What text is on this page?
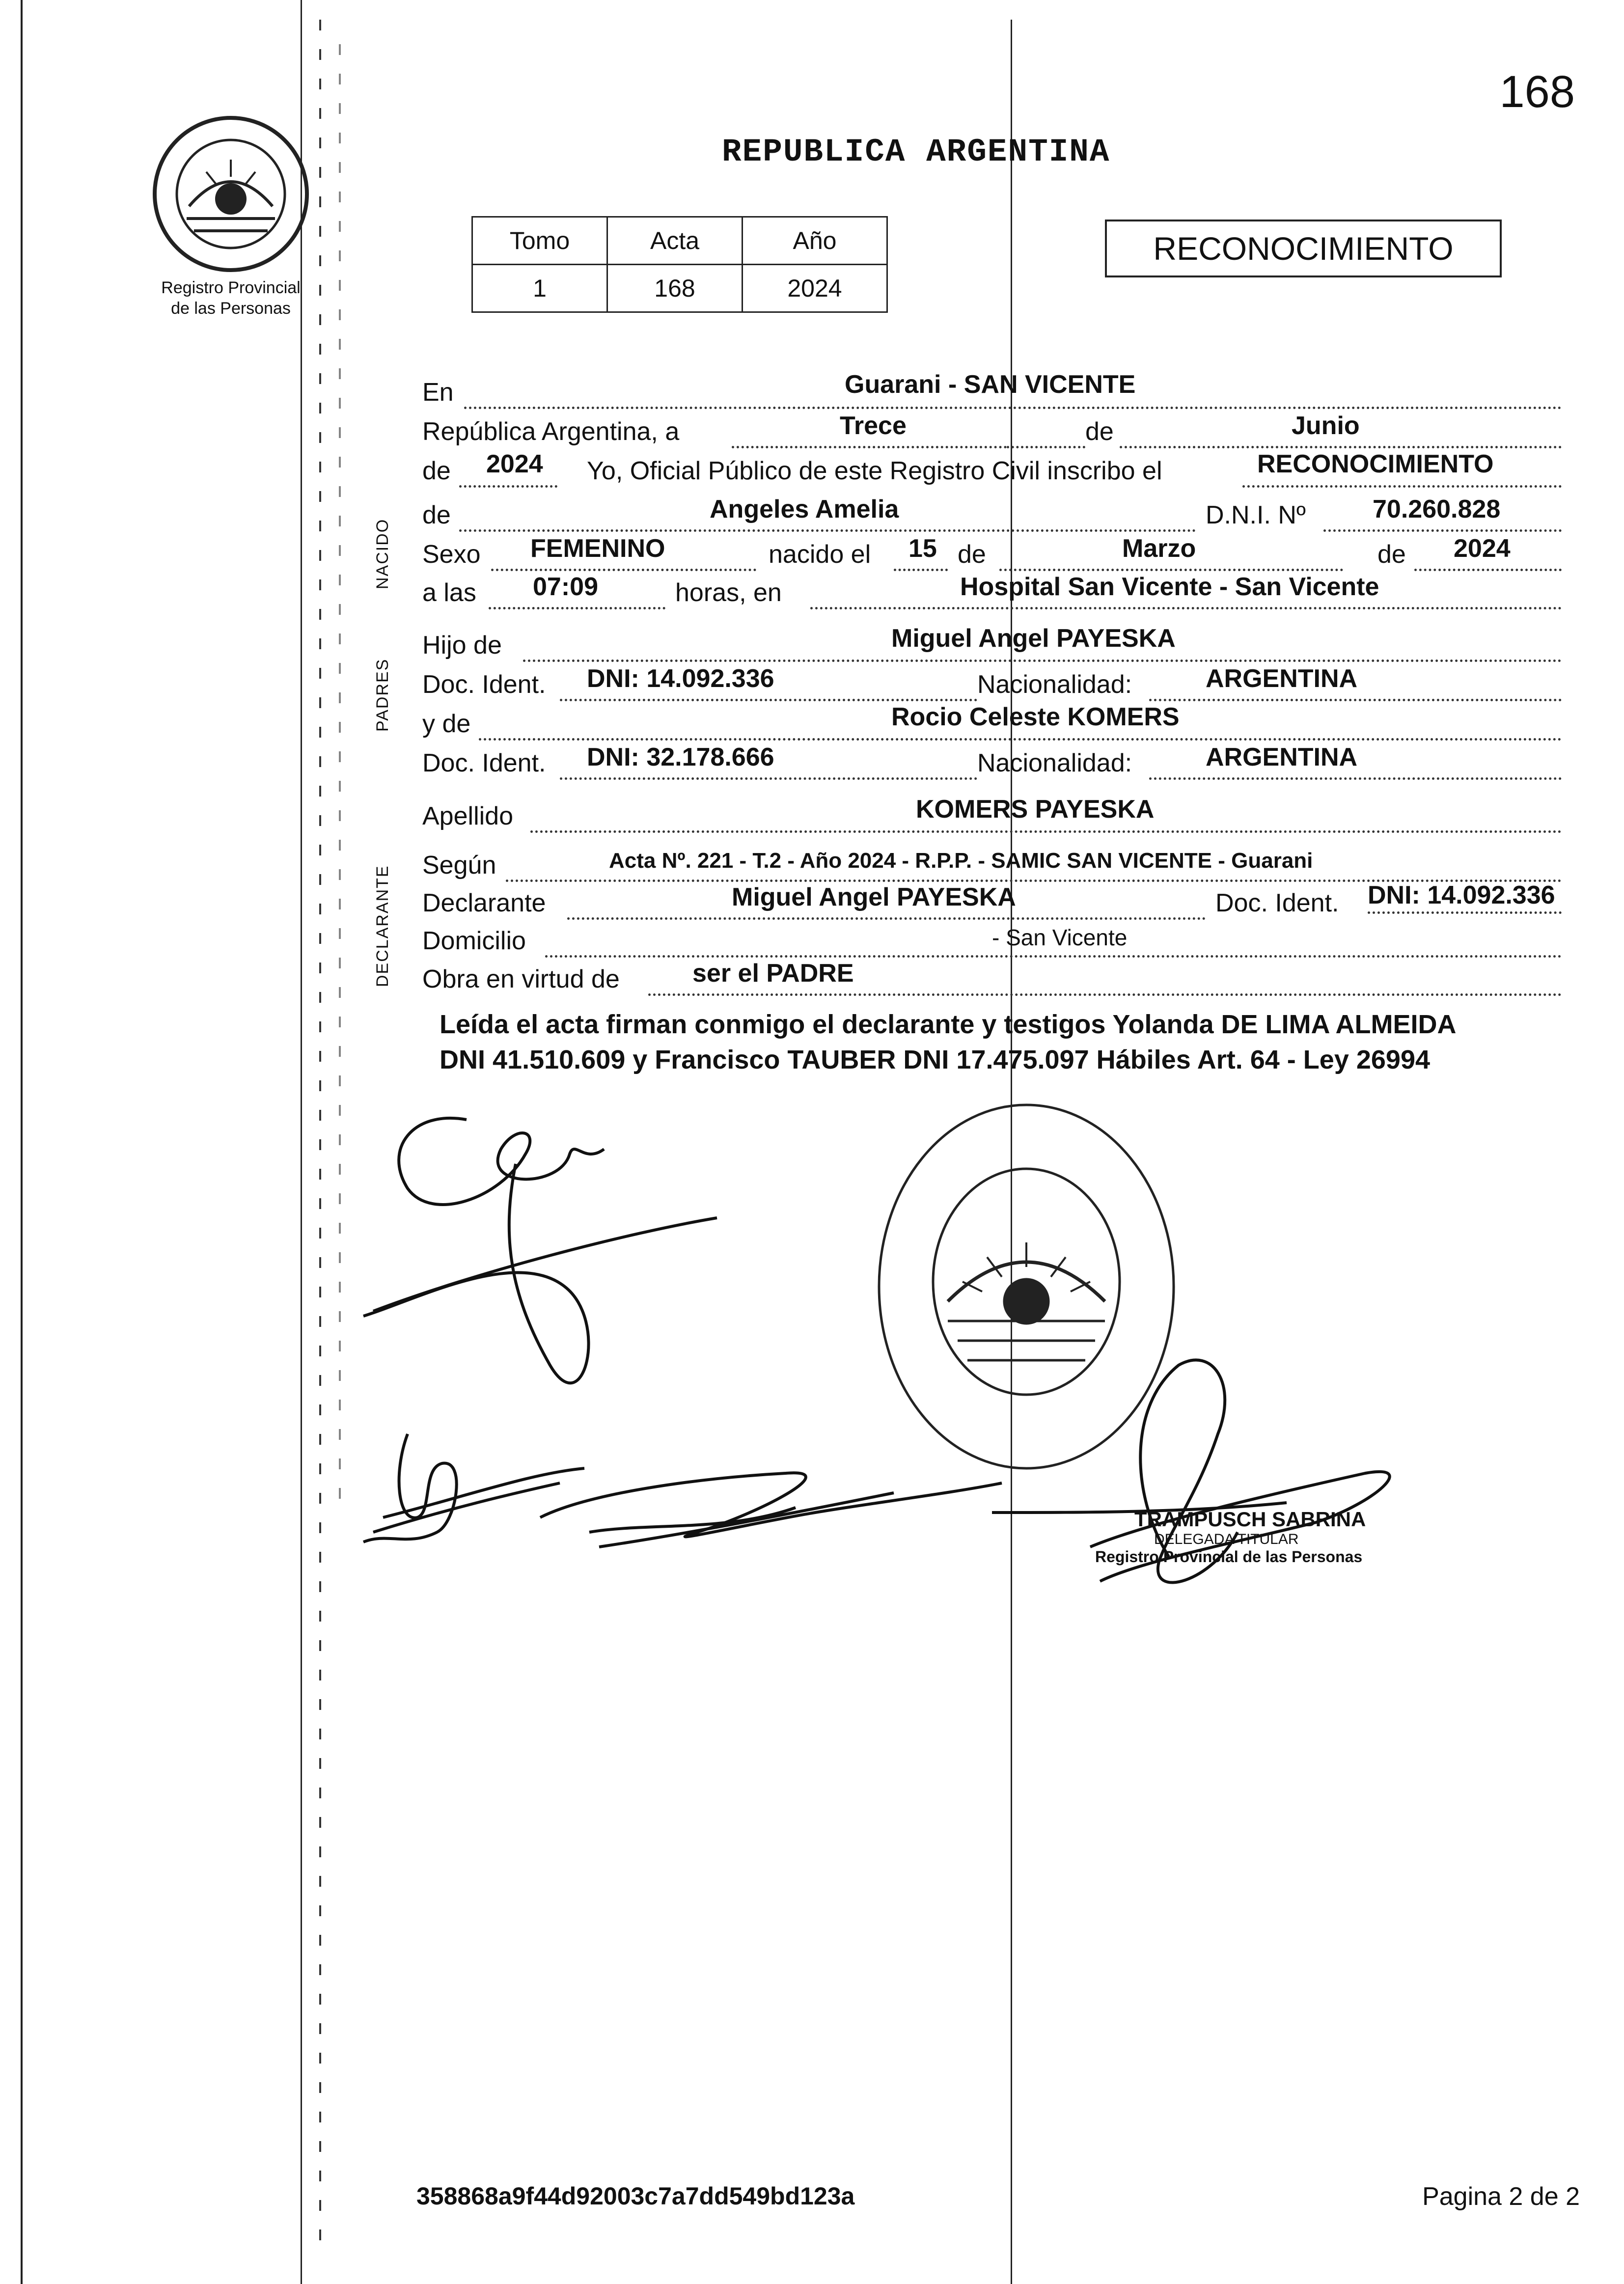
168
REPUBLICA ARGENTINA
Registro Provincial
de las Personas
Tomo	Acta	Año
1	168	2024
RECONOCIMIENTO
NACIDO
PADRES
DECLARANTE
En	Guarani - SAN VICENTE
República Argentina, a	Trece	de	Junio
de 2024 Yo, Oficial Público de este Registro Civil inscribo el	RECONOCIMIENTO
de	Angeles Amelia	D.N.I. Nº	70.260.828
Sexo FEMENINO	nacido el 15 de	Marzo	de 2024
a las 07:09	horas, en	Hospital San Vicente - San Vicente
Hijo de	Miguel Angel PAYESKA
Doc. Ident. DNI: 14.092.336	Nacionalidad:	ARGENTINA
y de	Rocio Celeste KOMERS
Doc. Ident. DNI: 32.178.666	Nacionalidad:	ARGENTINA
Apellido	KOMERS PAYESKA
Según	Acta Nº. 221 - T.2 - Año 2024 - R.P.P. - SAMIC SAN VICENTE - Guarani
Declarante	Miguel Angel PAYESKA	Doc. Ident. DNI: 14.092.336
Domicilio	- San Vicente
Obra en virtud de	ser el PADRE
Leída el acta firman conmigo el declarante y testigos Yolanda DE LIMA ALMEIDA
DNI 41.510.609 y Francisco TAUBER DNI 17.475.097 Hábiles Art. 64 - Ley 26994
TRAMPUSCH SABRINA
DELEGADA TITULAR
Registro Provincial de las Personas
358868a9f44d92003c7a7dd549bd123a	Pagina 2 de 2
